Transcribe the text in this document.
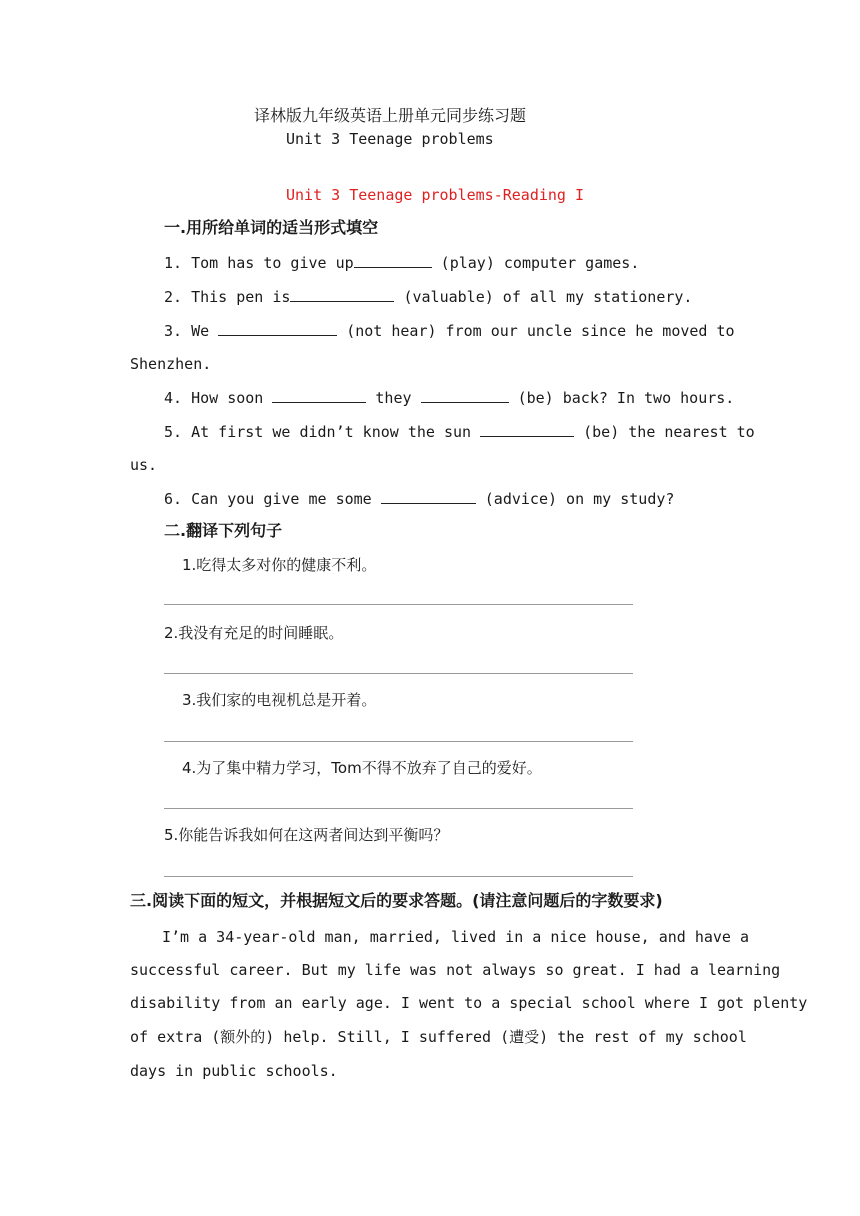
译林版九年级英语上册单元同步练习题
Unit 3 Teenage problems
Unit 3 Teenage problems-Reading I
一.用所给单词的适当形式填空
1. Tom has to give up	(play) computer games.
2. This pen is	(valuable) of all my stationery.
3. We	(not hear) from our uncle since he moved to
Shenzhen.
4. How soon	they	(be) back? In two hours.
5. At first we didn’t know the sun	(be) the nearest to
us.
6. Can you give me some	(advice) on my study?
二.翻译下列句子
1.吃得太多对你的健康不利。
2.我没有充足的时间睡眠。
3.我们家的电视机总是开着。
4.为了集中精力学习，Tom不得不放弃了自己的爱好。
5.你能告诉我如何在这两者间达到平衡吗？
三.阅读下面的短文，并根据短文后的要求答题。(请注意问题后的字数要求)
I’m a 34-year-old man, married, lived in a nice house, and have a
successful career. But my life was not always so great. I had a learning
disability from an early age. I went to a special school where I got plenty
of extra (额外的) help. Still, I suffered (遭受) the rest of my school
days in public schools.
